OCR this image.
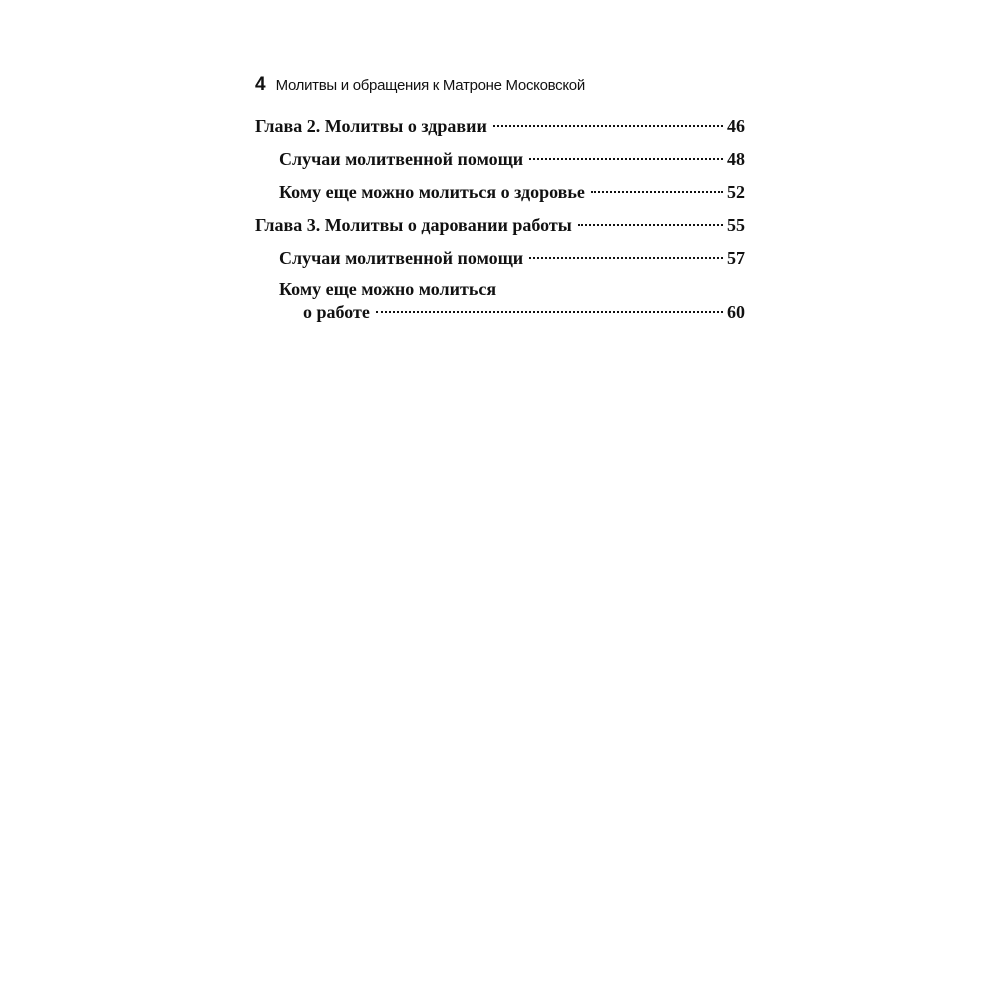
4 Молитвы и обращения к Матроне Московской
Глава 2. Молитвы о здравии	46
Случаи молитвенной помощи	48
Кому еще можно молиться о здоровье	52
Глава 3. Молитвы о даровании работы	55
Случаи молитвенной помощи	57
Кому еще можно молиться
о работе	60
